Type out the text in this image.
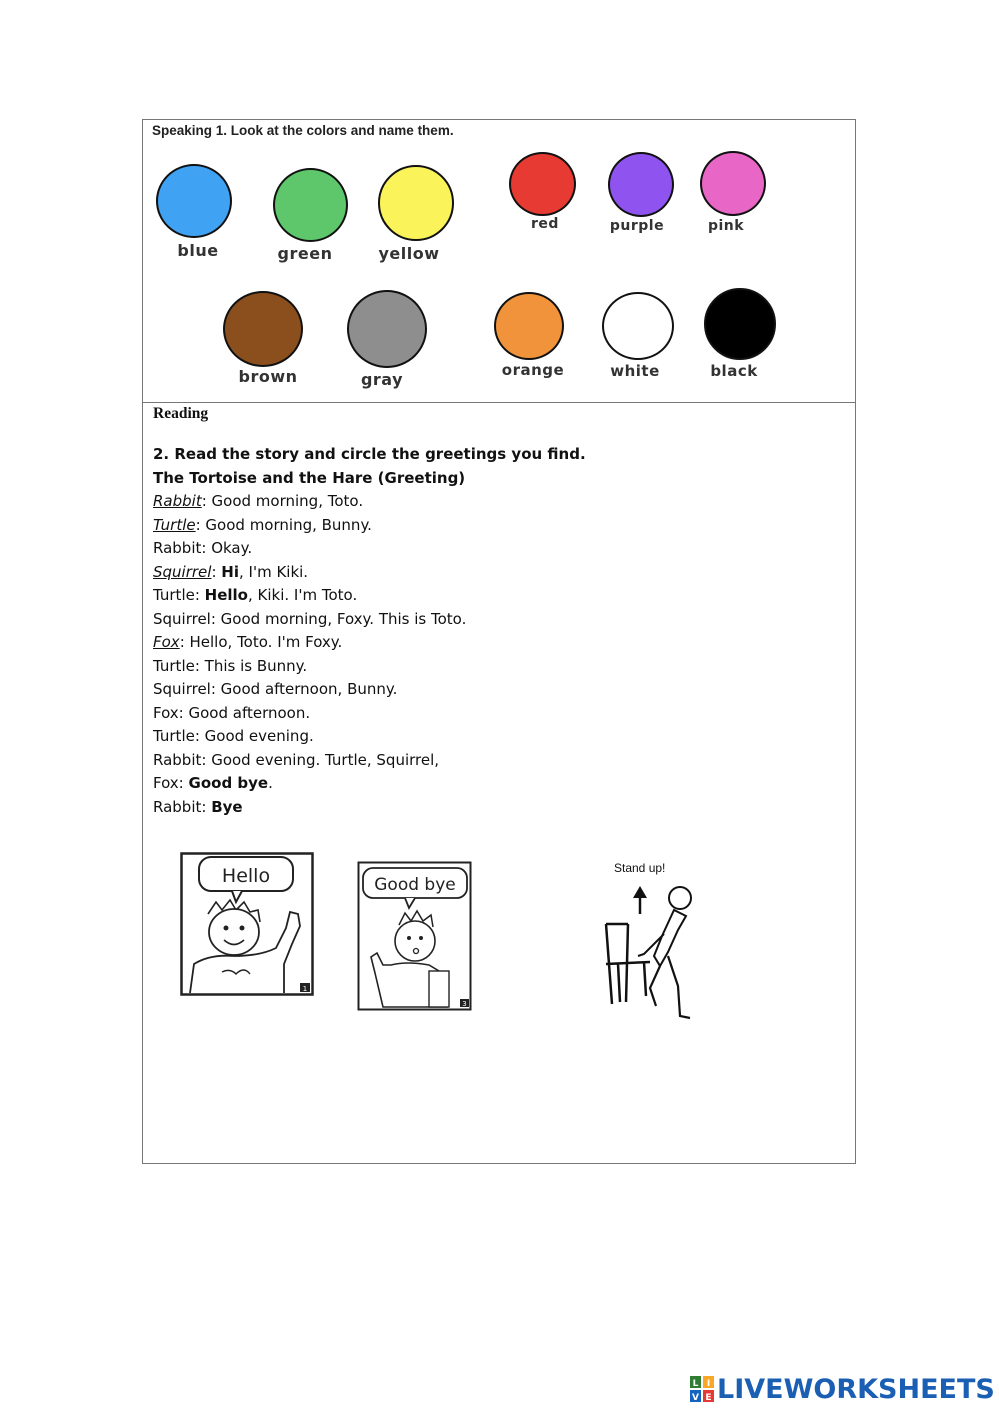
Speaking 1. Look at the colors and name them.
blue	green	yellow
red	purple	pink
brown	gray	orange	white	black
Reading
2. Read the story and circle the greetings you find.
The Tortoise and the Hare (Greeting)
Rabbit: Good morning, Toto.
Turtle: Good morning, Bunny.
Rabbit: Okay.
Squirrel: Hi, I'm Kiki.
Turtle: Hello, Kiki. I'm Toto.
Squirrel: Good morning, Foxy. This is Toto.
Fox: Hello, Toto. I'm Foxy.
Turtle: This is Bunny.
Squirrel: Good afternoon, Bunny.
Fox: Good afternoon.
Turtle: Good evening.
Rabbit: Good evening. Turtle, Squirrel,
Fox: Good bye.
Rabbit: Bye
Hello
1
Good bye
3
Stand up!
L I
V E LIVEWORKSHEETS
